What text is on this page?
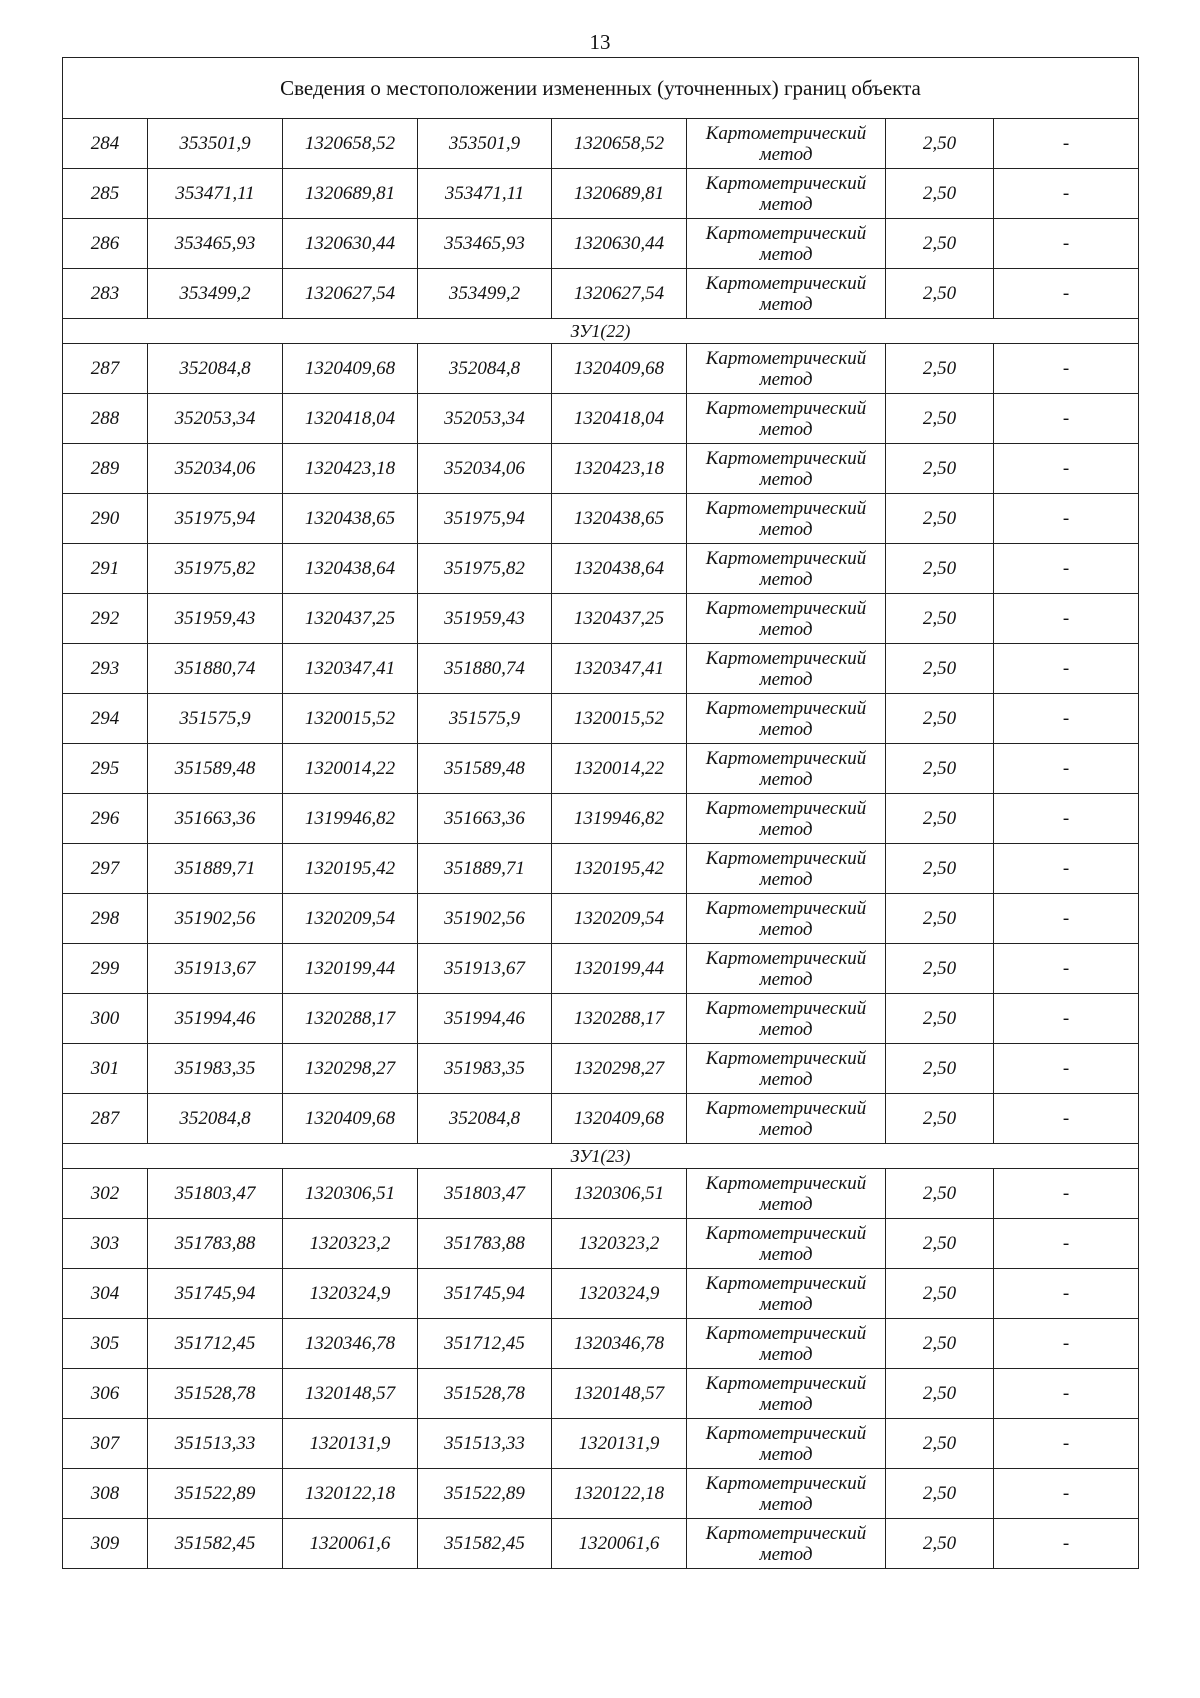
13
Сведения о местоположении измененных (уточненных) границ объекта							
284	353501,9	1320658,52	353501,9	1320658,52	Картометрический
метод	2,50	-
285	353471,11	1320689,81	353471,11	1320689,81	Картометрический
метод	2,50	-
286	353465,93	1320630,44	353465,93	1320630,44	Картометрический
метод	2,50	-
283	353499,2	1320627,54	353499,2	1320627,54	Картометрический
метод	2,50	-
ЗУ1(22)							
287	352084,8	1320409,68	352084,8	1320409,68	Картометрический
метод	2,50	-
288	352053,34	1320418,04	352053,34	1320418,04	Картометрический
метод	2,50	-
289	352034,06	1320423,18	352034,06	1320423,18	Картометрический
метод	2,50	-
290	351975,94	1320438,65	351975,94	1320438,65	Картометрический
метод	2,50	-
291	351975,82	1320438,64	351975,82	1320438,64	Картометрический
метод	2,50	-
292	351959,43	1320437,25	351959,43	1320437,25	Картометрический
метод	2,50	-
293	351880,74	1320347,41	351880,74	1320347,41	Картометрический
метод	2,50	-
294	351575,9	1320015,52	351575,9	1320015,52	Картометрический
метод	2,50	-
295	351589,48	1320014,22	351589,48	1320014,22	Картометрический
метод	2,50	-
296	351663,36	1319946,82	351663,36	1319946,82	Картометрический
метод	2,50	-
297	351889,71	1320195,42	351889,71	1320195,42	Картометрический
метод	2,50	-
298	351902,56	1320209,54	351902,56	1320209,54	Картометрический
метод	2,50	-
299	351913,67	1320199,44	351913,67	1320199,44	Картометрический
метод	2,50	-
300	351994,46	1320288,17	351994,46	1320288,17	Картометрический
метод	2,50	-
301	351983,35	1320298,27	351983,35	1320298,27	Картометрический
метод	2,50	-
287	352084,8	1320409,68	352084,8	1320409,68	Картометрический
метод	2,50	-
ЗУ1(23)							
302	351803,47	1320306,51	351803,47	1320306,51	Картометрический
метод	2,50	-
303	351783,88	1320323,2	351783,88	1320323,2	Картометрический
метод	2,50	-
304	351745,94	1320324,9	351745,94	1320324,9	Картометрический
метод	2,50	-
305	351712,45	1320346,78	351712,45	1320346,78	Картометрический
метод	2,50	-
306	351528,78	1320148,57	351528,78	1320148,57	Картометрический
метод	2,50	-
307	351513,33	1320131,9	351513,33	1320131,9	Картометрический
метод	2,50	-
308	351522,89	1320122,18	351522,89	1320122,18	Картометрический
метод	2,50	-
309	351582,45	1320061,6	351582,45	1320061,6	Картометрический
метод	2,50	-
